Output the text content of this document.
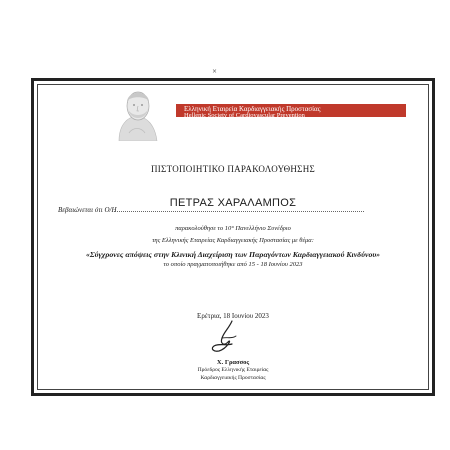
×
Ελληνική Εταιρεία Καρδιαγγειακής Προστασίας
Hellenic Society of Cardiovascular Prevention
ΠΙΣΤΟΠΟΙΗΤΙΚΟ ΠΑΡΑΚΟΛΟΥΘΗΣΗΣ
Βεβαιώνεται ότι Ο/Η
ΠΕΤΡΑΣ ΧΑΡΑΛΑΜΠΟΣ
παρακολούθησε το 10° Πανελλήνιο Συνέδριο
της Ελληνικής Εταιρείας Καρδιαγγειακής Προστασίας με θέμα:
«Σύγχρονες απόψεις στην Κλινική Διαχείριση των Παραγόντων Καρδιαγγειακού Κινδύνου»
το οποίο πραγματοποιήθηκε από 15 - 18 Ιουνίου 2023
Ερέτρια, 18 Ιουνίου 2023
Χ. Γρασσος
Πρόεδρος Ελληνικής Εταιρείας
Καρδιαγγειακής Προστασίας
